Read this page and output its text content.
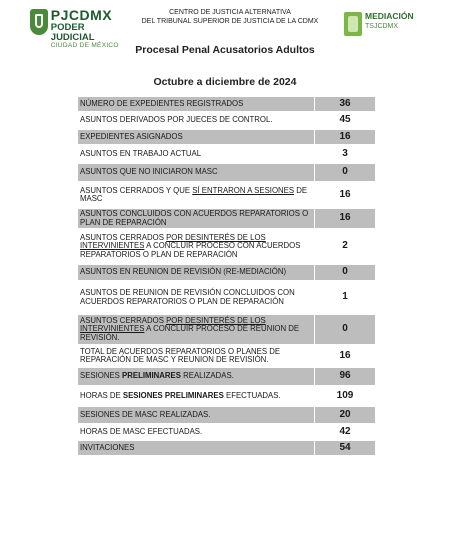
PJCDMX
PODER JUDICIAL
CIUDAD DE MÉXICO
CENTRO DE JUSTICIA ALTERNATIVA
DEL TRIBUNAL SUPERIOR DE JUSTICIA DE LA CDMX	MEDIACIÓN
TSJCDMX
Procesal Penal Acusatorios Adultos
Octubre a diciembre de 2024
NÚMERO DE EXPEDIENTES REGISTRADOS	36
ASUNTOS DERIVADOS POR JUECES DE CONTROL.	45
EXPEDIENTES ASIGNADOS	16
ASUNTOS EN TRABAJO ACTUAL	3
ASUNTOS QUE NO INICIARON MASC	0
ASUNTOS CERRADOS Y QUE SÍ ENTRARON A SESIONES DE MASC	16
ASUNTOS CONCLUIDOS CON ACUERDOS REPARATORIOS O PLAN DE REPARACIÓN	16
ASUNTOS CERRADOS POR DESINTERÉS DE LOS INTERVINIENTES A CONCLUIR PROCESO CON ACUERDOS REPARATORIOS O PLAN DE REPARACIÓN	2
ASUNTOS EN REUNION DE REVISIÓN (RE-MEDIACIÓN)	0
ASUNTOS DE REUNION DE REVISIÓN CONCLUIDOS CON ACUERDOS REPARATORIOS O PLAN DE REPARACIÓN	1
ASUNTOS CERRADOS POR DESINTERÉS DE LOS INTERVINIENTES A CONCLUIR PROCESO DE REUNION DE REVISIÓN.	0
TOTAL DE ACUERDOS REPARATORIOS O PLANES DE REPARACIÓN DE MASC Y REUNION DE REVISIÓN.	16
SESIONES PRELIMINARES REALIZADAS.	96
HORAS DE SESIONES PRELIMINARES EFECTUADAS.	109
SESIONES DE MASC REALIZADAS.	20
HORAS DE MASC EFECTUADAS.	42
INVITACIONES	54
